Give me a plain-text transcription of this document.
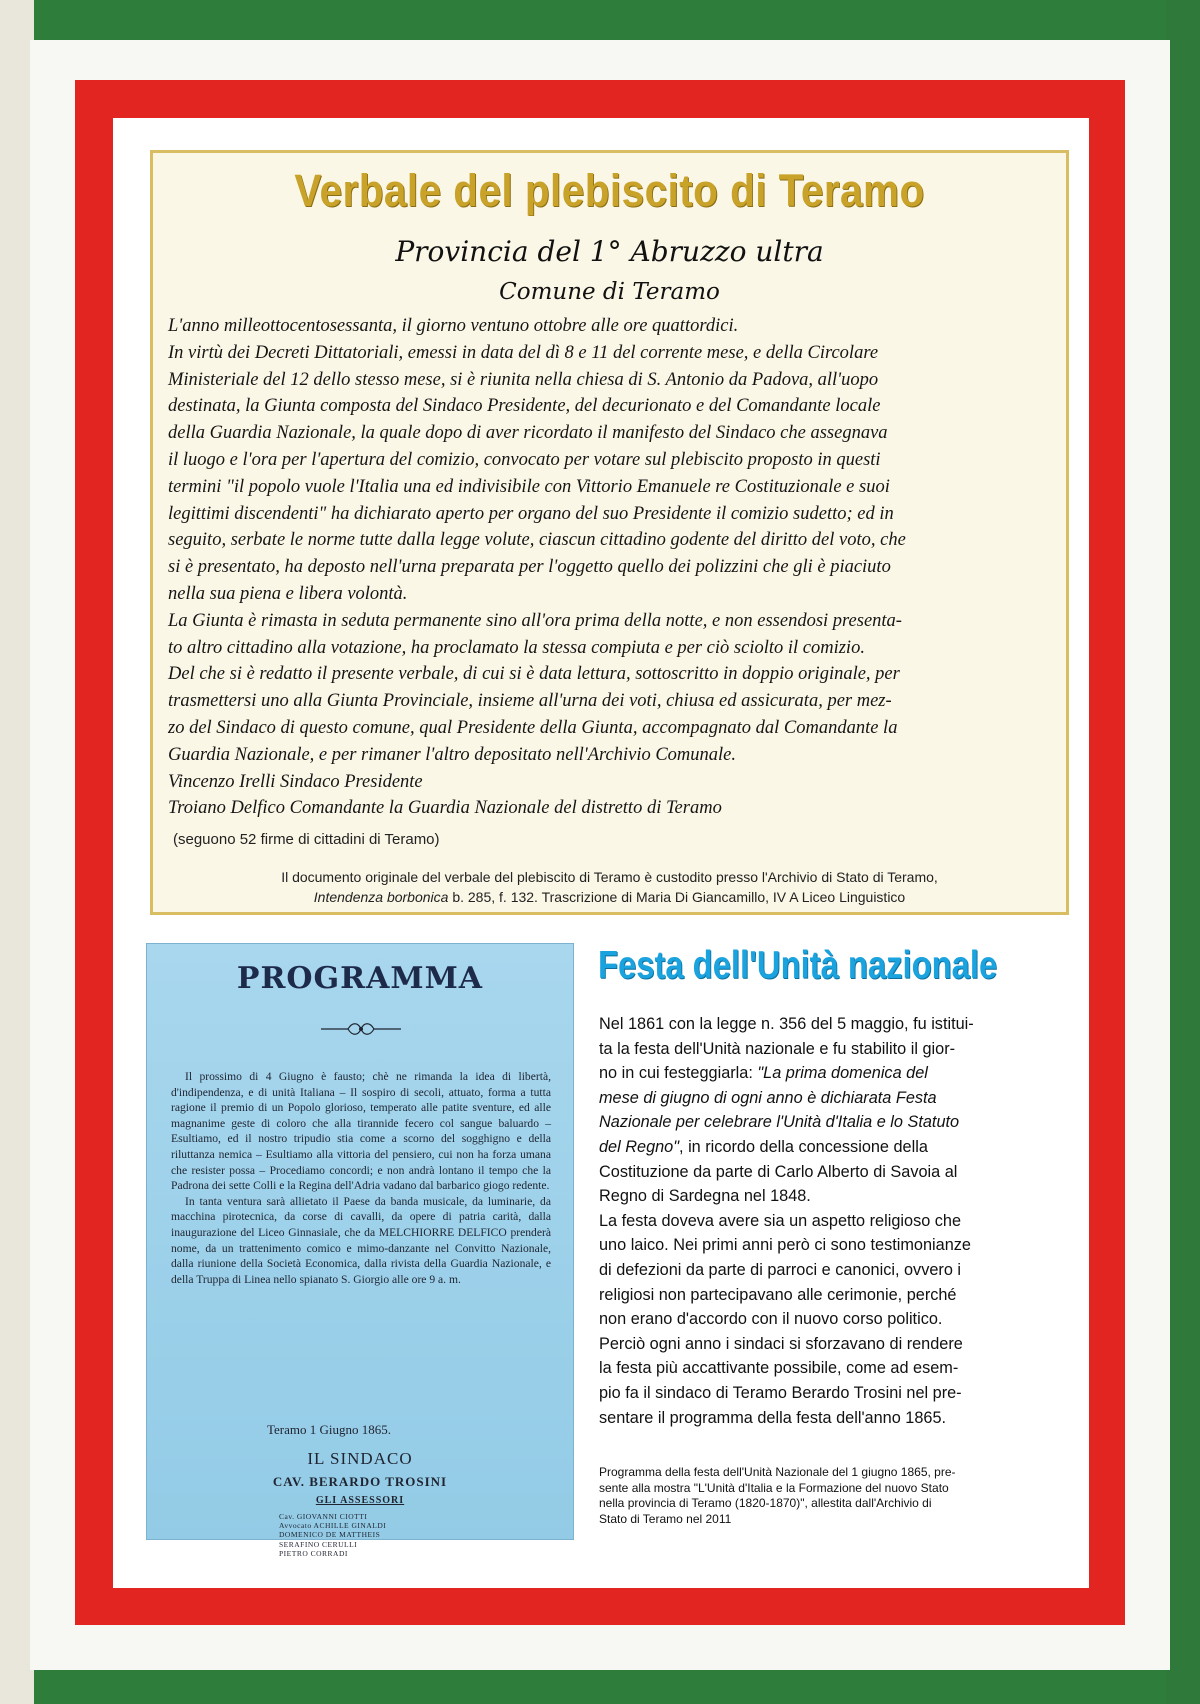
Verbale del plebiscito di Teramo
Provincia del 1° Abruzzo ultra
Comune di Teramo

L'anno milleottocentosessanta, il giorno ventuno ottobre alle ore quattordici.

In virtù dei Decreti Dittatoriali, emessi in data del dì 8 e 11 del corrente mese, e della Circolare

Ministeriale del 12 dello stesso mese, si è riunita nella chiesa di S. Antonio da Padova, all'uopo

destinata, la Giunta composta del Sindaco Presidente, del decurionato e del Comandante locale

della Guardia Nazionale, la quale dopo di aver ricordato il manifesto del Sindaco che assegnava

il luogo e l'ora per l'apertura del comizio, convocato per votare sul plebiscito proposto in questi

termini "il popolo vuole l'Italia una ed indivisibile con Vittorio Emanuele re Costituzionale e suoi

legittimi discendenti" ha dichiarato aperto per organo del suo Presidente il comizio sudetto; ed in

seguito, serbate le norme tutte dalla legge volute, ciascun cittadino godente del diritto del voto, che

si è presentato, ha deposto nell'urna preparata per l'oggetto quello dei polizzini che gli è piaciuto

nella sua piena e libera volontà.

La Giunta è rimasta in seduta permanente sino all'ora prima della notte, e non essendosi presenta-

to altro cittadino alla votazione, ha proclamato la stessa compiuta e per ciò sciolto il comizio.

Del che si è redatto il presente verbale, di cui si è data lettura, sottoscritto in doppio originale, per

trasmettersi uno alla Giunta Provinciale, insieme all'urna dei voti, chiusa ed assicurata, per mez-

zo del Sindaco di questo comune, qual Presidente della Giunta, accompagnato dal Comandante la

Guardia Nazionale, e per rimaner l'altro depositato nell'Archivio Comunale.

Vincenzo Irelli Sindaco Presidente

Troiano Delfico Comandante la Guardia Nazionale del distretto di Teramo

(seguono 52 firme di cittadini di Teramo)
Il documento originale del verbale del plebiscito di Teramo è custodito presso l'Archivio di Stato di Teramo,
Intendenza borbonica b. 285, f. 132. Trascrizione di Maria Di Giancamillo, IV A Liceo Linguistico
PROGRAMMA

Il prossimo di 4 Giugno è fausto; chè ne rimanda la idea di libertà, d'indipendenza, e di unità Italiana – Il sospiro di secoli, attuato, forma a tutta ragione il premio di un Popolo glorioso, temperato alle patite sventure, ed alle magnanime geste di coloro che alla tirannide fecero col sangue baluardo – Esultiamo, ed il nostro tripudio stia come a scorno del sogghigno e della riluttanza nemica – Esultiamo alla vittoria del pensiero, cui non ha forza umana che resister possa – Procediamo concordi; e non andrà lontano il tempo che la Padrona dei sette Colli e la Regina dell'Adria vadano dal barbarico giogo redente.

In tanta ventura sarà allietato il Paese da banda musicale, da luminarie, da macchina pirotecnica, da corse di cavalli, da opere di patria carità, dalla inaugurazione del Liceo Ginnasiale, che da MELCHIORRE DELFICO prenderà nome, da un trattenimento comico e mimo-danzante nel Convitto Nazionale, dalla riunione della Società Economica, dalla rivista della Guardia Nazionale, e della Truppa di Linea nello spianato S. Giorgio alle ore 9 a. m.

Teramo 1 Giugno 1865.
IL SINDACO
CAV. BERARDO TROSINI
GLI ASSESSORI
Cav. GIOVANNI CIOTTI
Avvocato ACHILLE GINALDI
DOMENICO DE MATTHEIS
SERAFINO CERULLI
PIETRO CORRADI
Festa dell'Unità nazionale

Nel 1861 con la legge n. 356 del 5 maggio, fu istitui-

ta la festa dell'Unità nazionale e fu stabilito il gior-

no in cui festeggiarla: "La prima domenica del

mese di giugno di ogni anno è dichiarata Festa

Nazionale per celebrare l'Unità d'Italia e lo Statuto

del Regno", in ricordo della concessione della

Costituzione da parte di Carlo Alberto di Savoia al

Regno di Sardegna nel 1848.

La festa doveva avere sia un aspetto religioso che

uno laico. Nei primi anni però ci sono testimonianze

di defezioni da parte di parroci e canonici, ovvero i

religiosi non partecipavano alle cerimonie, perché

non erano d'accordo con il nuovo corso politico.

Perciò ogni anno i sindaci si sforzavano di rendere

la festa più accattivante possibile, come ad esem-

pio fa il sindaco di Teramo Berardo Trosini nel pre-

sentare il programma della festa dell'anno 1865.

Programma della festa dell'Unità Nazionale del 1 giugno 1865, pre-

sente alla mostra "L'Unità d'Italia e la Formazione del nuovo Stato

nella provincia di Teramo (1820-1870)", allestita dall'Archivio di

Stato di Teramo nel 2011
